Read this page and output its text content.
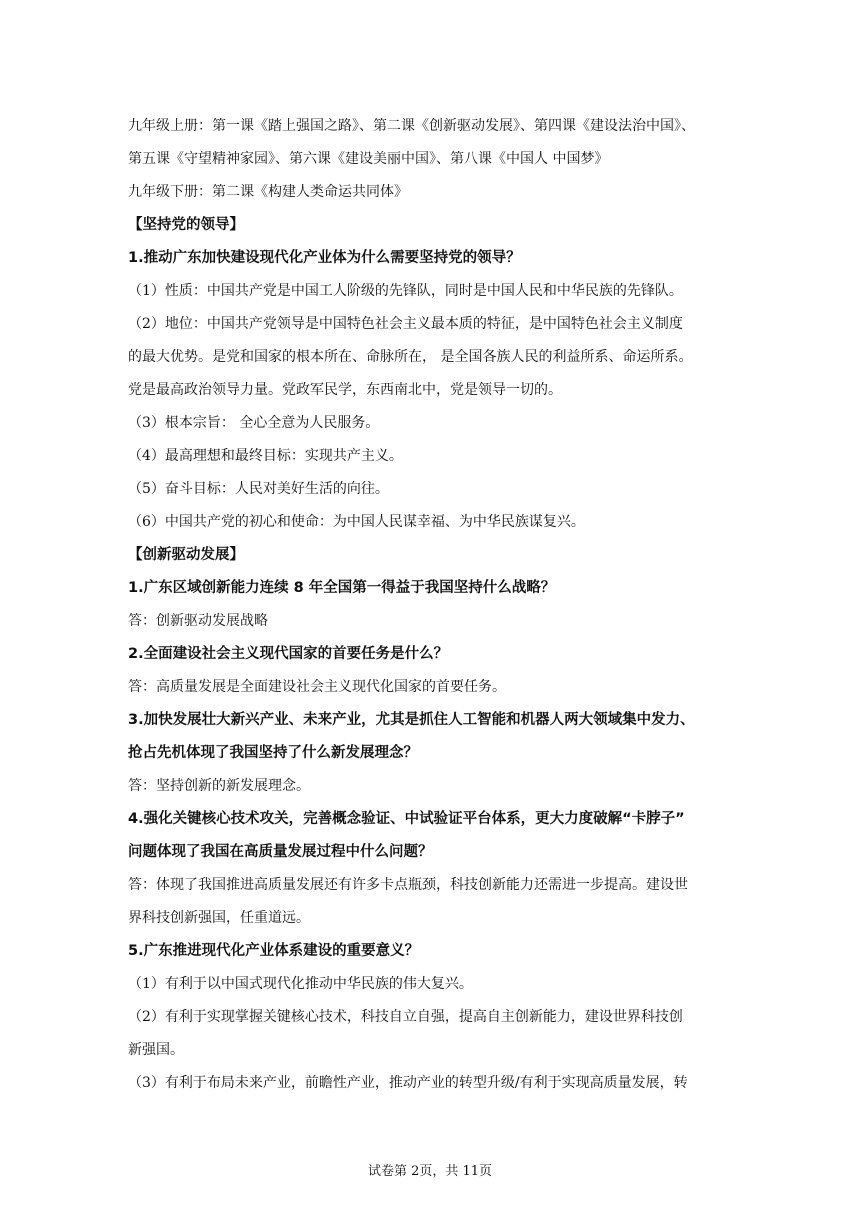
九年级上册：第一课《踏上强国之路》、第二课《创新驱动发展》、第四课《建设法治中国》、
第五课《守望精神家园》、第六课《建设美丽中国》、第八课《中国人 中国梦》
九年级下册：第二课《构建人类命运共同体》
【坚持党的领导】
1.推动广东加快建设现代化产业体为什么需要坚持党的领导？
（1）性质：中国共产党是中国工人阶级的先锋队，同时是中国人民和中华民族的先锋队。
（2）地位：中国共产党领导是中国特色社会主义最本质的特征，是中国特色社会主义制度
的最大优势。是党和国家的根本所在、命脉所在， 是全国各族人民的利益所系、命运所系。
党是最高政治领导力量。党政军民学，东西南北中，党是领导一切的。
（3）根本宗旨： 全心全意为人民服务。
（4）最高理想和最终目标：实现共产主义。
（5）奋斗目标：人民对美好生活的向往。
（6）中国共产党的初心和使命：为中国人民谋幸福、为中华民族谋复兴。
【创新驱动发展】
1.广东区域创新能力连续 8 年全国第一得益于我国坚持什么战略？
答：创新驱动发展战略
2.全面建设社会主义现代国家的首要任务是什么？
答：高质量发展是全面建设社会主义现代化国家的首要任务。
3.加快发展壮大新兴产业、未来产业，尤其是抓住人工智能和机器人两大领域集中发力、
抢占先机体现了我国坚持了什么新发展理念？
答：坚持创新的新发展理念。
4.强化关键核心技术攻关，完善概念验证、中试验证平台体系，更大力度破解“卡脖子”
问题体现了我国在高质量发展过程中什么问题？
答：体现了我国推进高质量发展还有许多卡点瓶颈，科技创新能力还需进一步提高。建设世
界科技创新强国，任重道远。
5.广东推进现代化产业体系建设的重要意义？
（1）有利于以中国式现代化推动中华民族的伟大复兴。
（2）有利于实现掌握关键核心技术，科技自立自强，提高自主创新能力，建设世界科技创
新强国。
（3）有利于布局未来产业，前瞻性产业，推动产业的转型升级/有利于实现高质量发展，转
试卷第 2页，共 11页
